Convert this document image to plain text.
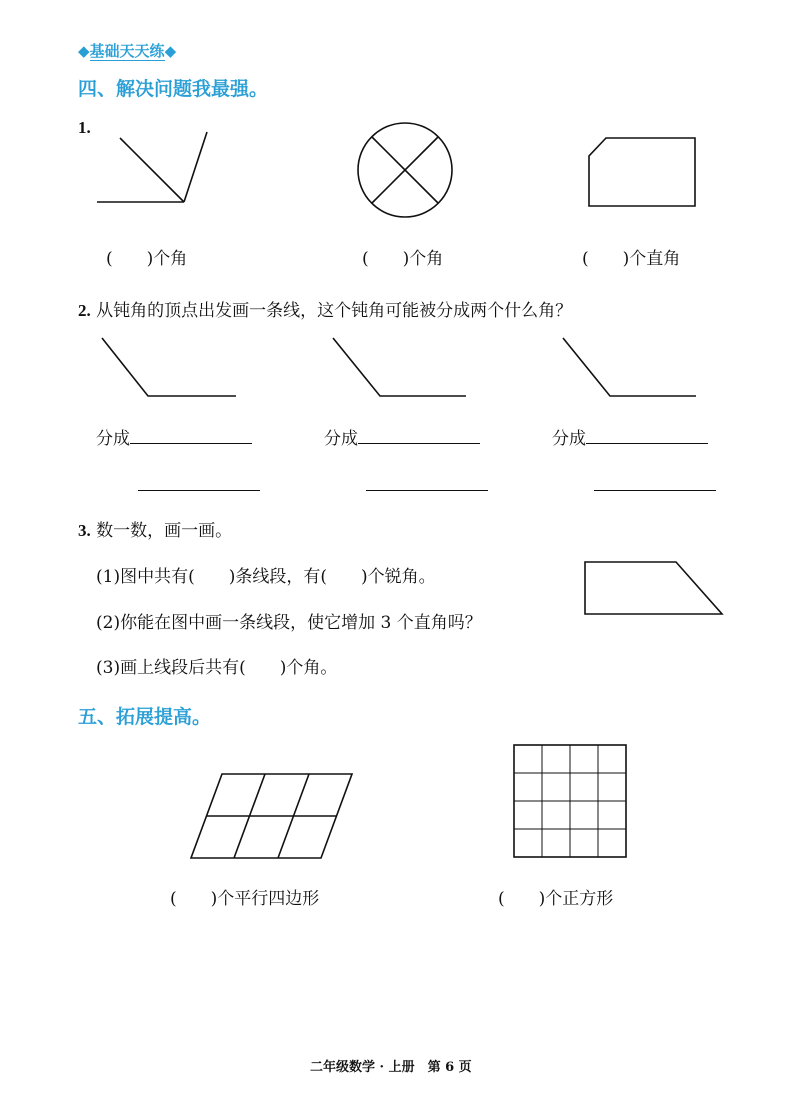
◆基础天天练◆
四、解决问题我最强。
1.
(　　)个角	(　　)个角	(　　)个直角
2. 从钝角的顶点出发画一条线，这个钝角可能被分成两个什么角？
分成	分成	分成
3. 数一数，画一画。
(1)图中共有(　　)条线段，有(　　)个锐角。
(2)你能在图中画一条线段，使它增加 3 个直角吗？
(3)画上线段后共有(　　)个角。
五、拓展提高。
(　　)个平行四边形	(　　)个正方形
二年级数学 · 上册　第 6 页
